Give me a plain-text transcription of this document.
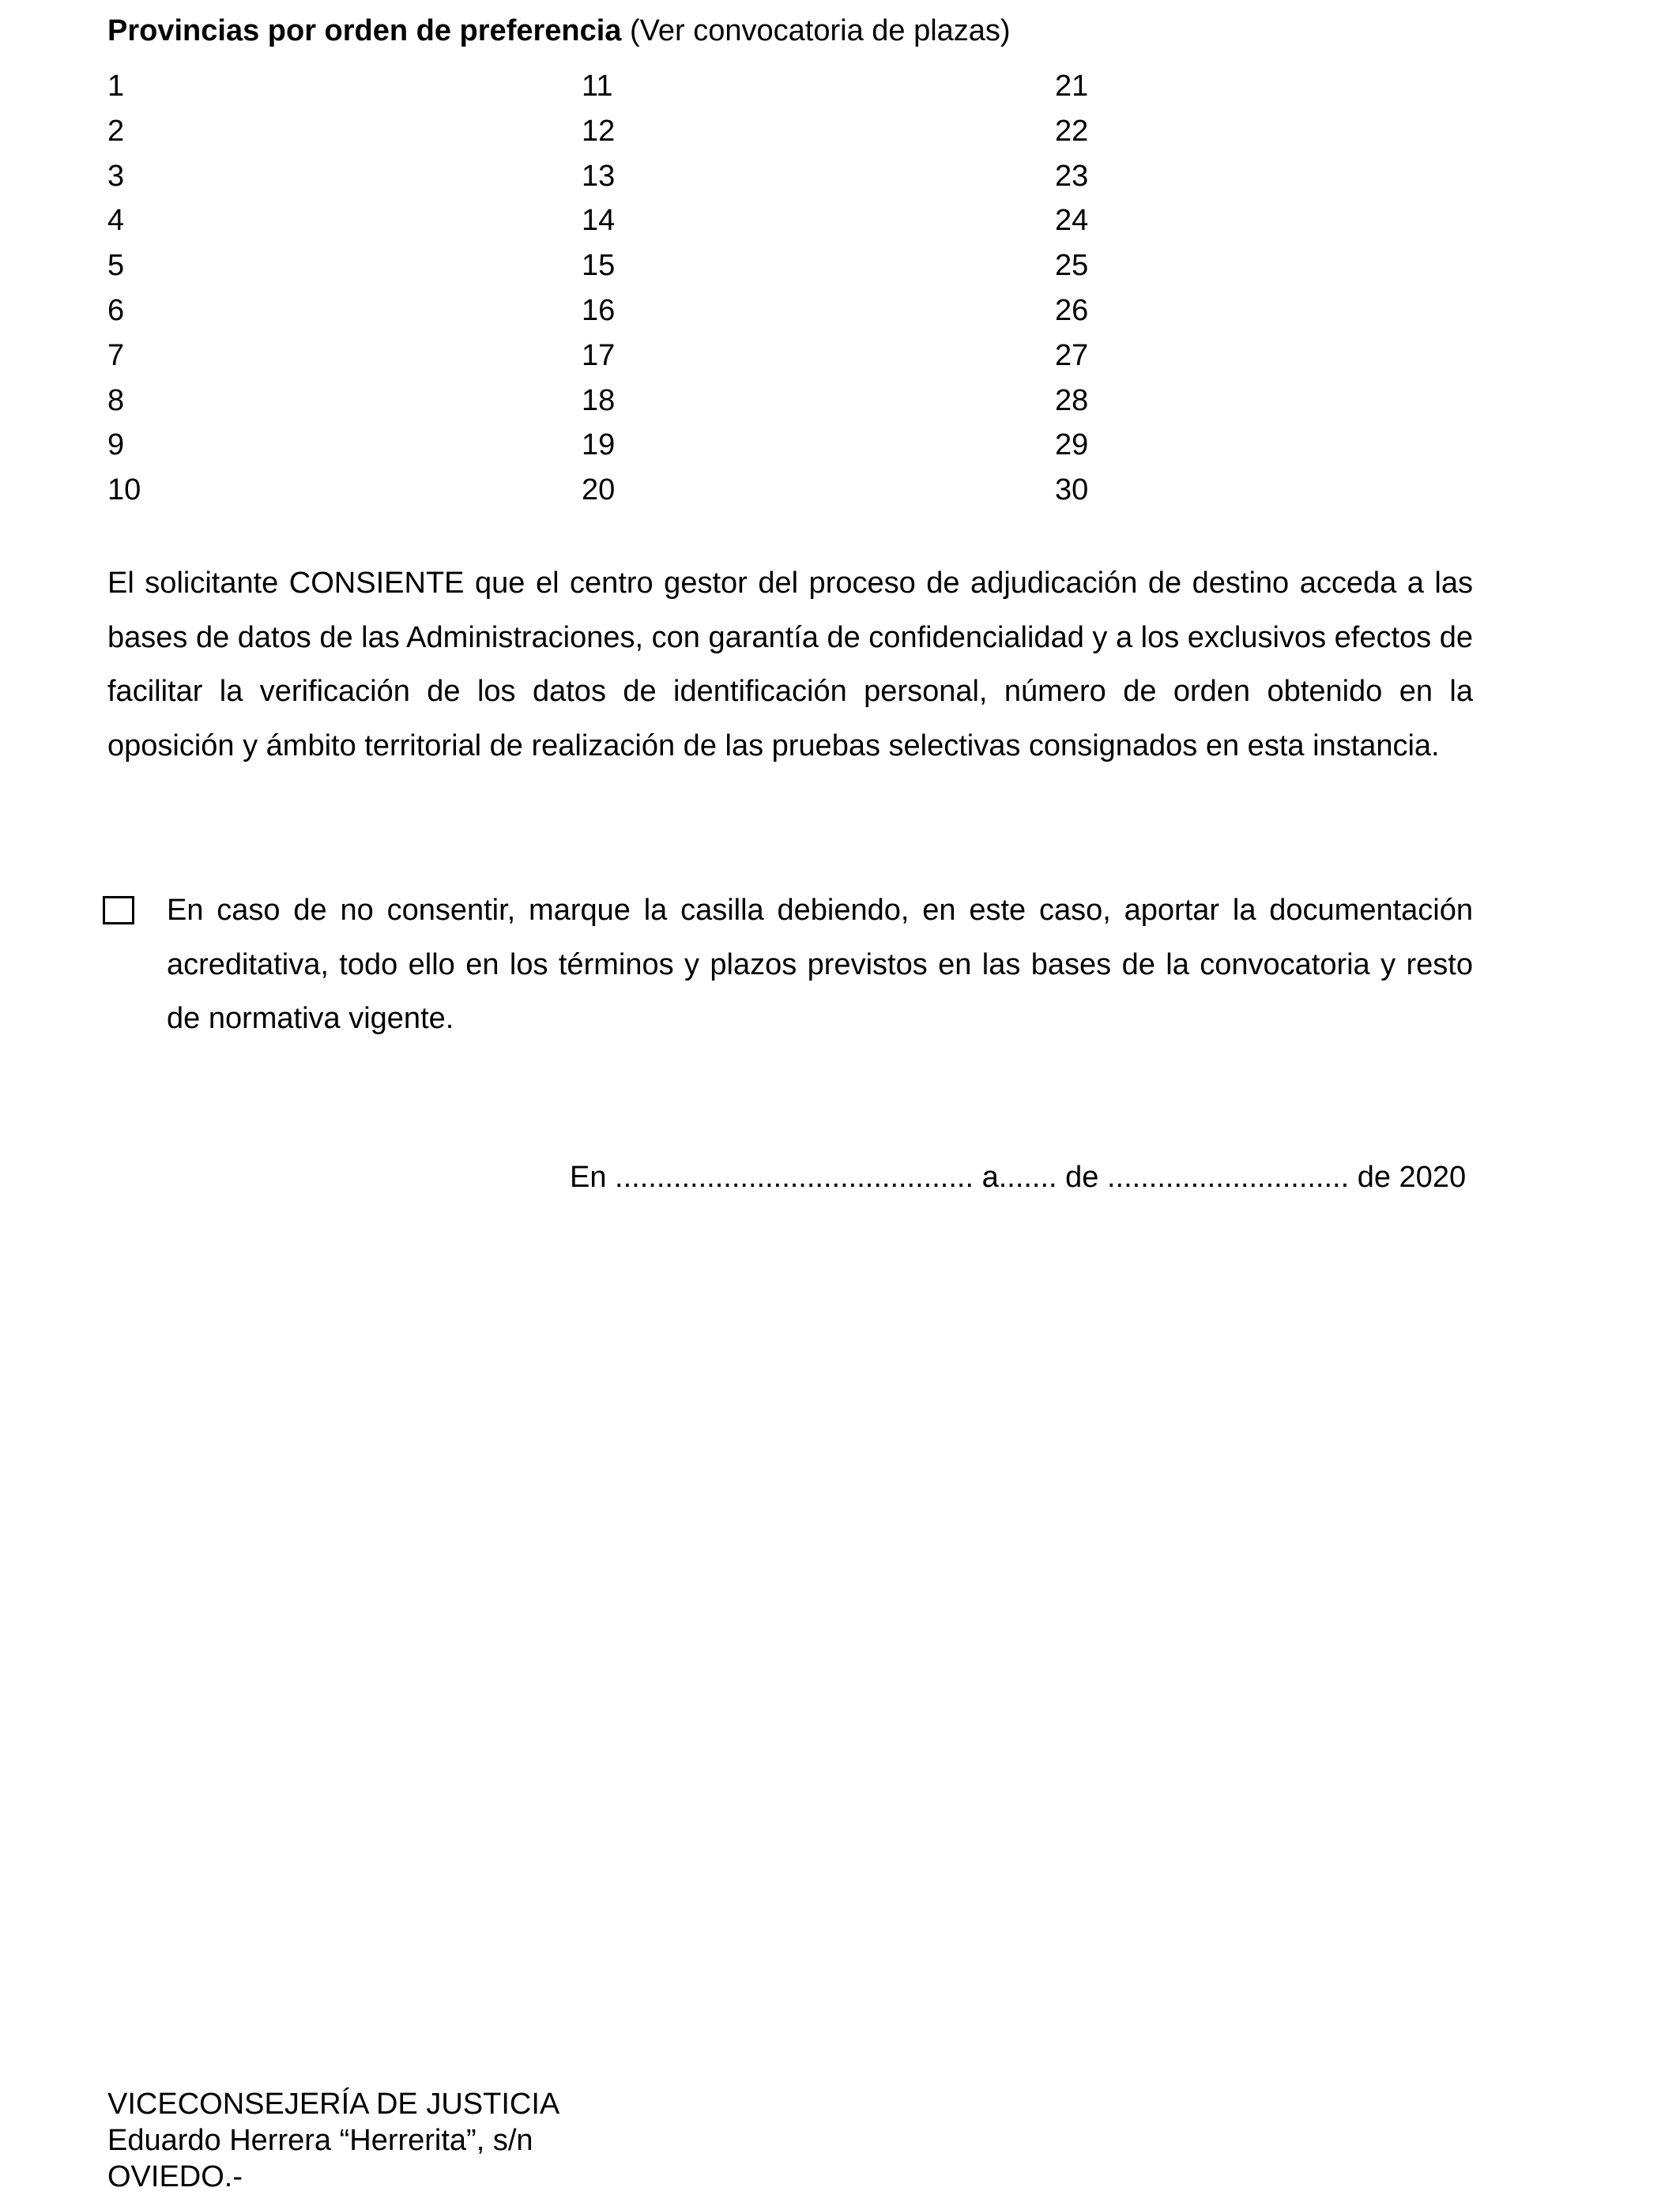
Provincias por orden de preferencia (Ver convocatoria de plazas)
1
2
3
4
5
6
7
8
9
10
11
12
13
14
15
16
17
18
19
20
21
22
23
24
25
26
27
28
29
30

El solicitante CONSIENTE que el centro gestor del proceso de adjudicación de destino acceda a las bases de datos de las Administraciones, con garantía de confidencialidad y a los exclusivos efectos de facilitar la verificación de los datos de identificación personal, número de orden obtenido en la oposición y ámbito territorial de realización de las pruebas selectivas consignados en esta instancia.

En caso de no consentir, marque la casilla debiendo, en este caso, aportar la documentación acreditativa, todo ello en los términos y plazos previstos en las bases de la convocatoria y resto de normativa vigente.

En ........................................... a....... de ............................. de 2020
VICECONSEJERÍA DE JUSTICIA
Eduardo Herrera “Herrerita”, s/n
OVIEDO.-
